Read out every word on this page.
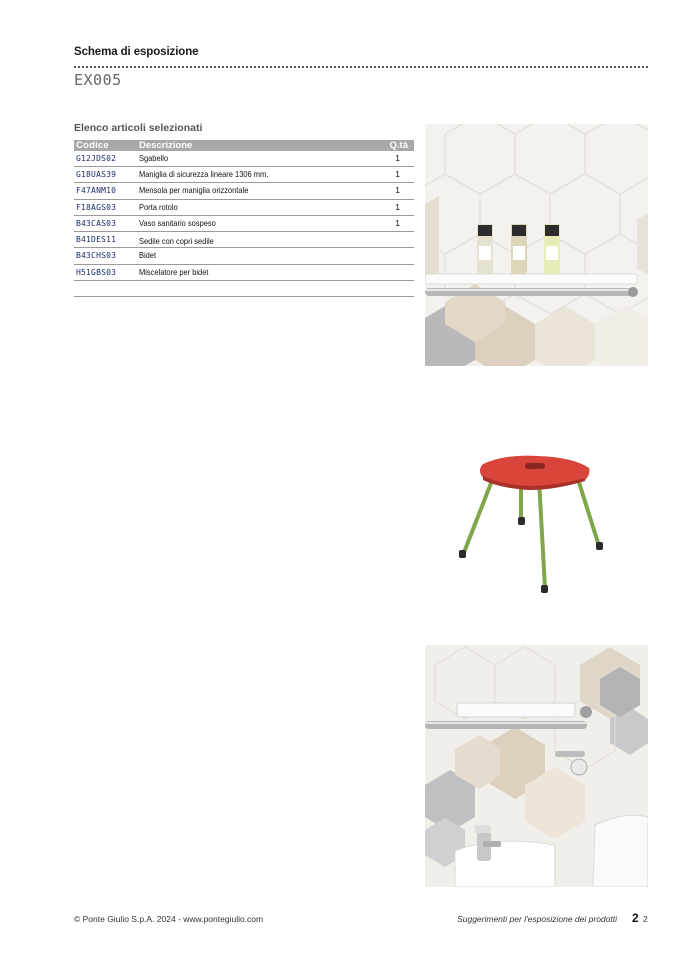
Schema di esposizione
EX005
Elenco articoli selezionati
Codice	Descrizione	Q.tà
G12JDS02	Sgabello	1
G18UAS39	Maniglia di sicurezza lineare 1306 mm.	1
F47ANM10	Mensola per maniglia orizzontale	1
F18AGS03	Porta rotolo	1
B43CAS03	Vaso sanitario sospeso	1
B41DES11	Sedile con copri sedile
B43CHS03	Bidet
H51GBS03	Miscelatore per bidet
© Ponte Giulio S.p.A. 2024 - www.pontegiulio.com	Suggerimenti per l'esposizione dei prodotti 2 2
